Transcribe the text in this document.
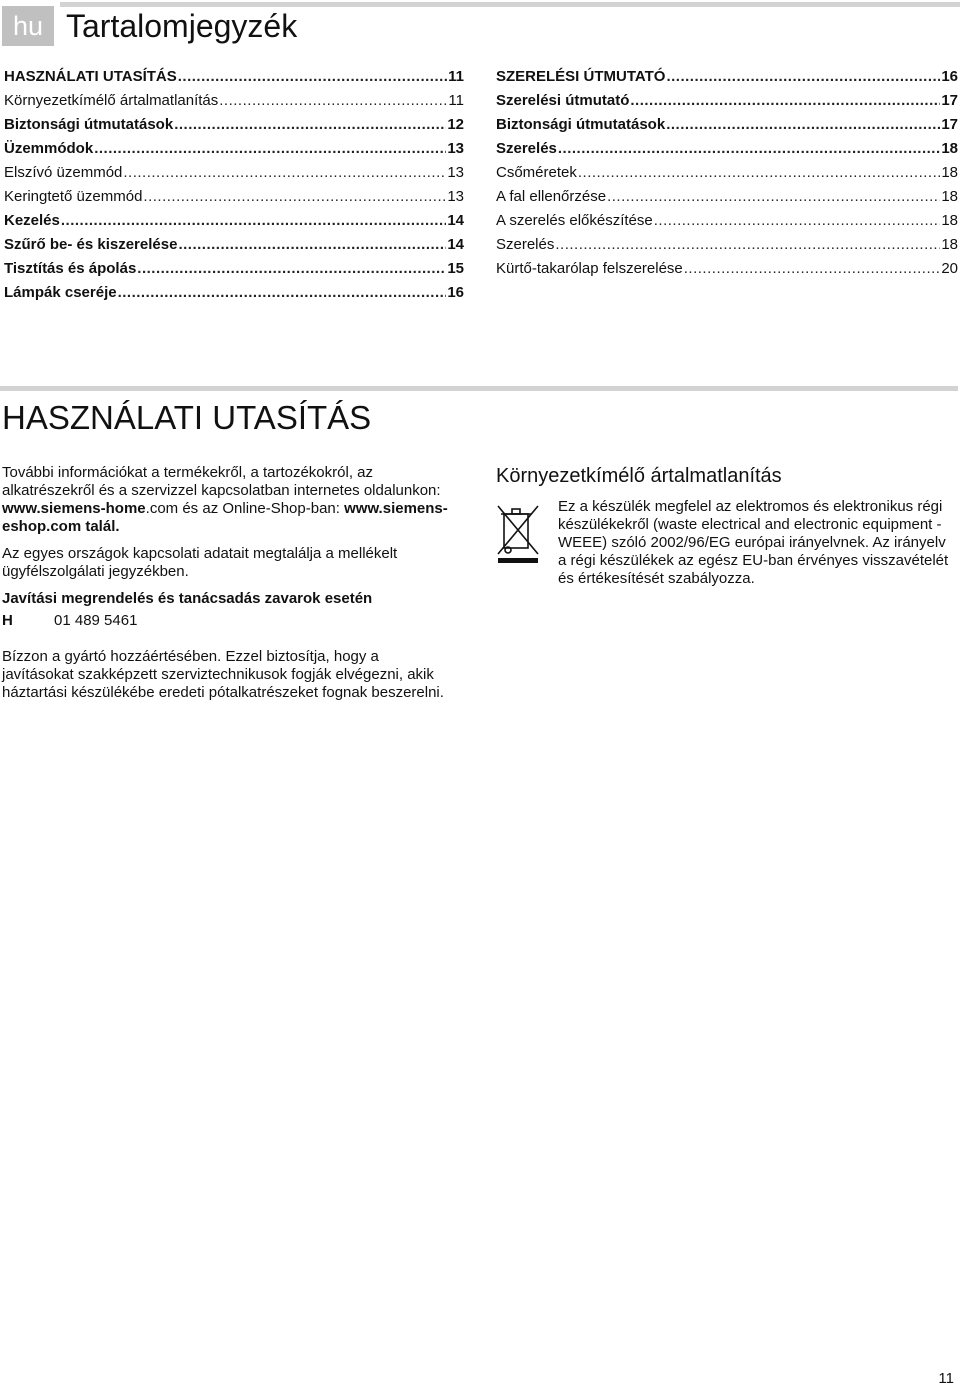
hu Tartalomjegyzék
HASZNÁLATI UTASÍTÁS .....	11
Környezetkímélő ártalmatlanítás .....	11
Biztonsági útmutatások .....	12
Üzemmódok .....	13
Elszívó üzemmód .....	13
Keringtető üzemmód .....	13
Kezelés .....	14
Szűrő be- és kiszerelése .....	14
Tisztítás és ápolás .....	15
Lámpák cseréje .....	16
SZERELÉSI ÚTMUTATÓ .....	16
Szerelési útmutató .....	17
Biztonsági útmutatások .....	17
Szerelés .....	18
Csőméretek .....	18
A fal ellenőrzése .....	18
A szerelés előkészítése .....	18
Szerelés .....	18
Kürtő-takarólap felszerelése .....	20
HASZNÁLATI UTASÍTÁS

További információkat a termékekről, a tartozékokról, az alkatrészekről és a szervizzel kapcsolatban internetes oldalunkon: www.siemens-home.com és az Online-Shop-ban: www.siemens-eshop.com talál.

Az egyes országok kapcsolati adatait megtalálja a mellékelt ügyfélszolgálati jegyzékben.

Javítási megrendelés és tanácsadás zavarok esetén

H	01 489 5461

Bízzon a gyártó hozzáértésében. Ezzel biztosítja, hogy a javításokat szakképzett szerviztechnikusok fogják elvégezni, akik háztartási készülékébe eredeti pótalkatrészeket fognak beszerelni.

Környezetkímélő ártalmatlanítás

Ez a készülék megfelel az elektromos és elektronikus régi készülékekről (waste electrical and electronic equipment - WEEE) szóló 2002/96/EG európai irányelvnek. Az irányelv a régi készülékek az egész EU-ban érvényes visszavételét és értékesítését szabályozza.

11
